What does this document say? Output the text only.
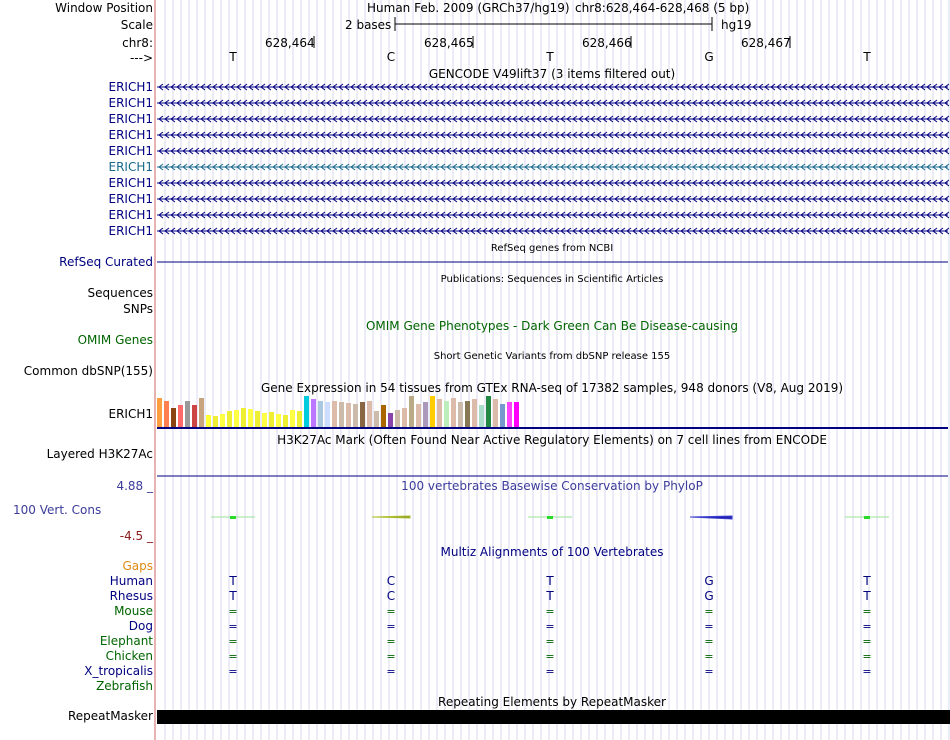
Window Position	Human Feb. 2009 (GRCh37/hg19) chr8:628,464-628,468 (5 bp)
Scale	2 bases	hg19
chr8:	628,464	628,465	628,466	628,467
--->	T	C	T	G	T
GENCODE V49lift37 (3 items filtered out)
ERICH1
ERICH1
ERICH1
ERICH1
ERICH1
ERICH1
ERICH1
ERICH1
ERICH1
ERICH1
RefSeq genes from NCBI
RefSeq Curated
Publications: Sequences in Scientific Articles
Sequences
SNPs
OMIM Gene Phenotypes - Dark Green Can Be Disease-causing
OMIM Genes
Short Genetic Variants from dbSNP release 155
Common dbSNP(155)
Gene Expression in 54 tissues from GTEx RNA-seq of 17382 samples, 948 donors (V8, Aug 2019)
ERICH1
H3K27Ac Mark (Often Found Near Active Regulatory Elements) on 7 cell lines from ENCODE
Layered H3K27Ac
100 vertebrates Basewise Conservation by PhyloP
4.88 _
100 Vert. Cons
-4.5 _
Multiz Alignments of 100 Vertebrates
Gaps
Human	T	C	T	G	T
Rhesus	T	C	T	G	T
Mouse	=	=	=	=	=
Dog	=	=	=	=	=
Elephant	=	=	=	=	=
Chicken	=	=	=	=	=
X_tropicalis	=	=	=	=	=
Zebrafish
Repeating Elements by RepeatMasker
RepeatMasker
